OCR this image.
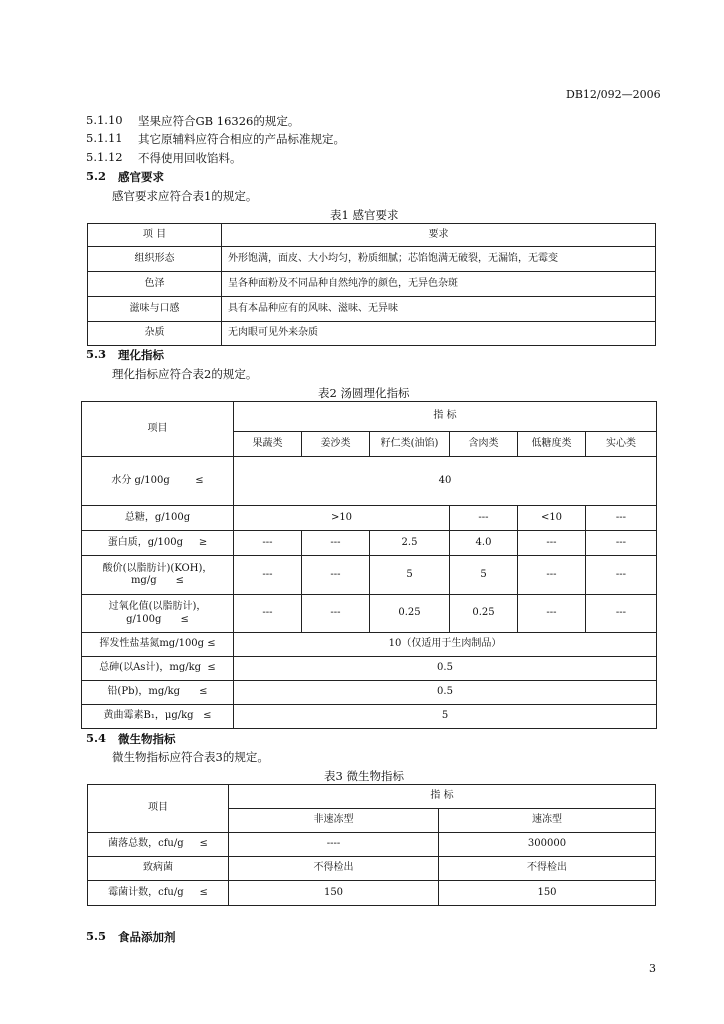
DB12/092—2006
5.1.10 坚果应符合GB 16326的规定。
5.1.11 其它原辅料应符合相应的产品标准规定。
5.1.12 不得使用回收馅料。
5.2 感官要求
感官要求应符合表1的规定。
表1 感官要求
项 目	要求
组织形态	外形饱满，面皮、大小均匀，粉质细腻；芯馅饱满无破裂，无漏馅，无霉变
色泽	呈各种面粉及不同品种自然纯净的颜色，无异色杂斑
滋味与口感	具有本品种应有的风味、滋味、无异味
杂质	无肉眼可见外来杂质
5.3 理化指标
理化指标应符合表2的规定。
表2 汤圆理化指标
项目	指 标					
	果蔬类	姜沙类	籽仁类(油馅)	含肉类	低糖度类	实心类
水分 g/100g ≤	40					
总糖，g/100g	>10			---	<10	---
蛋白质，g/100g ≥	---	---	2.5	4.0	---	---
酸价(以脂肪计)(KOH)，
mg/g ≤	---	---	5	5	---	---
过氧化值(以脂肪计)，
g/100g ≤	---	---	0.25	0.25	---	---
挥发性盐基氮mg/100g ≤	10（仅适用于生肉制品）					
总砷(以As计)，mg/kg ≤	0.5					
铅(Pb)，mg/kg ≤	0.5					
黄曲霉素B₁，μg/kg ≤	5					
5.4 微生物指标
微生物指标应符合表3的规定。
表3 微生物指标
项目	指 标	
	非速冻型	速冻型
菌落总数，cfu/g ≤	----	300000
致病菌	不得检出	不得检出
霉菌计数，cfu/g ≤	150	150
5.5 食品添加剂
3
